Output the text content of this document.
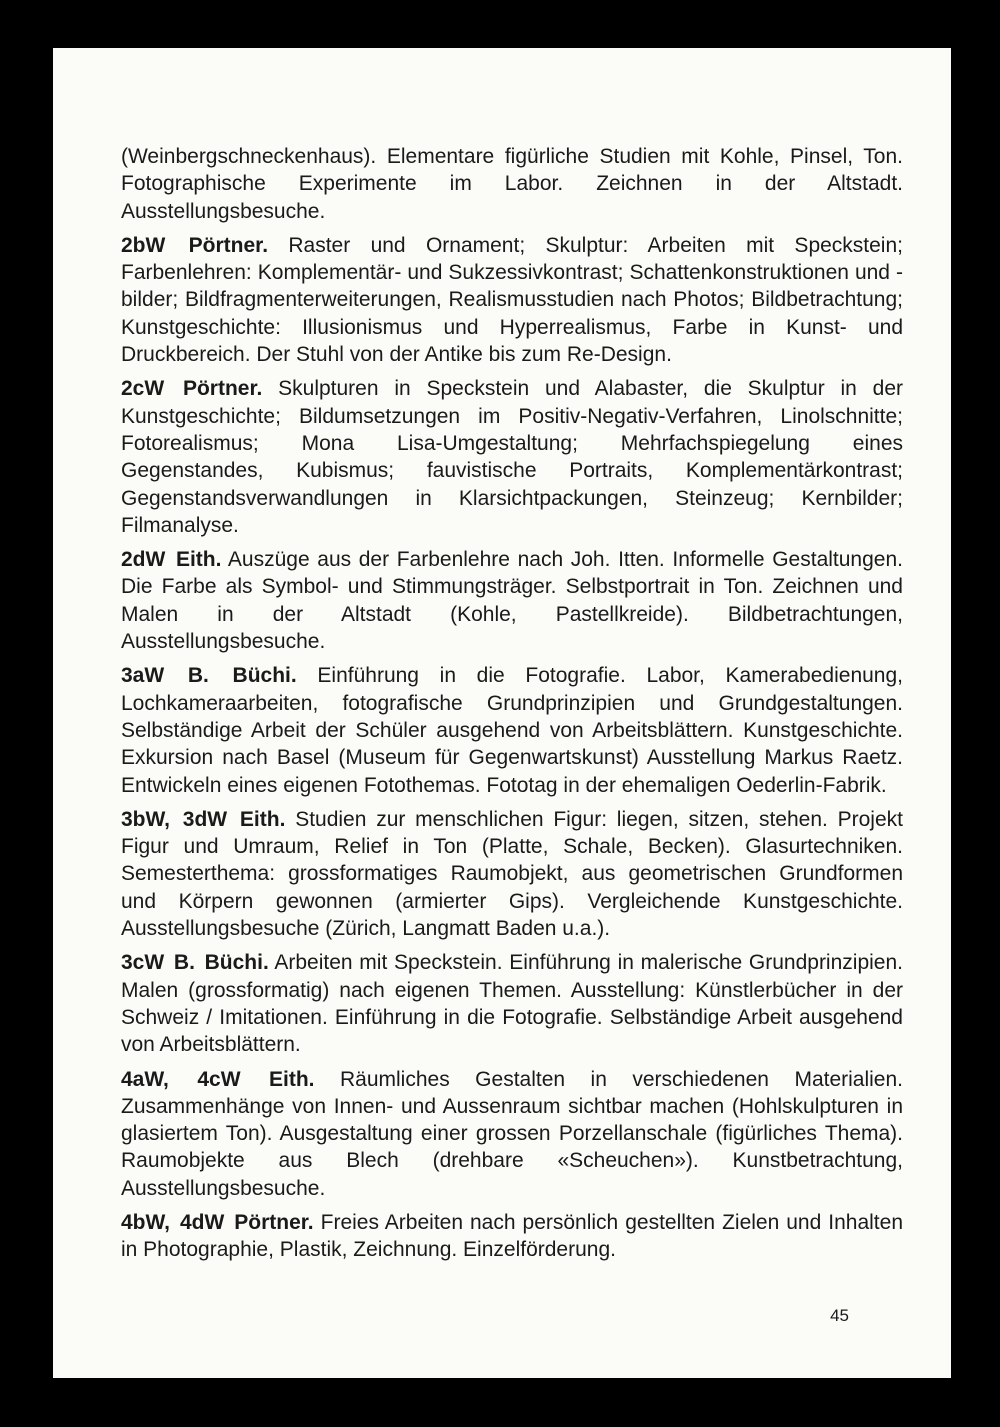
(Weinbergschneckenhaus). Elementare figürliche Studien mit Kohle, Pinsel, Ton. Fotographische Experimente im Labor. Zeichnen in der Altstadt. Ausstellungsbesuche.

2bW Pörtner. Raster und Ornament; Skulptur: Arbeiten mit Speckstein; Farbenlehren: Komplementär- und Sukzessivkontrast; Schattenkonstruktionen und -bilder; Bildfragmenterweiterungen, Realismusstudien nach Photos; Bildbetrachtung; Kunstgeschichte: Illusionismus und Hyperrealismus, Farbe in Kunst- und Druckbereich. Der Stuhl von der Antike bis zum Re-Design.

2cW Pörtner. Skulpturen in Speckstein und Alabaster, die Skulptur in der Kunstgeschichte; Bildumsetzungen im Positiv-Negativ-Verfahren, Linolschnitte; Fotorealismus; Mona Lisa-Umgestaltung; Mehrfachspiegelung eines Gegenstandes, Kubismus; fauvistische Portraits, Komplementärkontrast; Gegenstandsverwandlungen in Klarsichtpackungen, Steinzeug; Kernbilder; Filmanalyse.

2dW Eith. Auszüge aus der Farbenlehre nach Joh. Itten. Informelle Gestaltungen. Die Farbe als Symbol- und Stimmungsträger. Selbstportrait in Ton. Zeichnen und Malen in der Altstadt (Kohle, Pastellkreide). Bildbetrachtungen, Ausstellungsbesuche.

3aW B. Büchi. Einführung in die Fotografie. Labor, Kamerabedienung, Lochkameraarbeiten, fotografische Grundprinzipien und Grundgestaltungen. Selbständige Arbeit der Schüler ausgehend von Arbeitsblättern. Kunstgeschichte. Exkursion nach Basel (Museum für Gegenwartskunst) Ausstellung Markus Raetz. Entwickeln eines eigenen Fotothemas. Fototag in der ehemaligen Oederlin-Fabrik.

3bW, 3dW Eith. Studien zur menschlichen Figur: liegen, sitzen, stehen. Projekt Figur und Umraum, Relief in Ton (Platte, Schale, Becken). Glasurtechniken. Semesterthema: grossformatiges Raumobjekt, aus geometrischen Grundformen und Körpern gewonnen (armierter Gips). Vergleichende Kunstgeschichte. Ausstellungsbesuche (Zürich, Langmatt Baden u.a.).

3cW B. Büchi. Arbeiten mit Speckstein. Einführung in malerische Grundprinzipien. Malen (grossformatig) nach eigenen Themen. Ausstellung: Künstlerbücher in der Schweiz / Imitationen. Einführung in die Fotografie. Selbständige Arbeit ausgehend von Arbeitsblättern.

4aW, 4cW Eith. Räumliches Gestalten in verschiedenen Materialien. Zusammenhänge von Innen- und Aussenraum sichtbar machen (Hohlskulpturen in glasiertem Ton). Ausgestaltung einer grossen Porzellanschale (figürliches Thema). Raumobjekte aus Blech (drehbare «Scheuchen»). Kunstbetrachtung, Ausstellungsbesuche.

4bW, 4dW Pörtner. Freies Arbeiten nach persönlich gestellten Zielen und Inhalten in Photographie, Plastik, Zeichnung. Einzelförderung.

45
